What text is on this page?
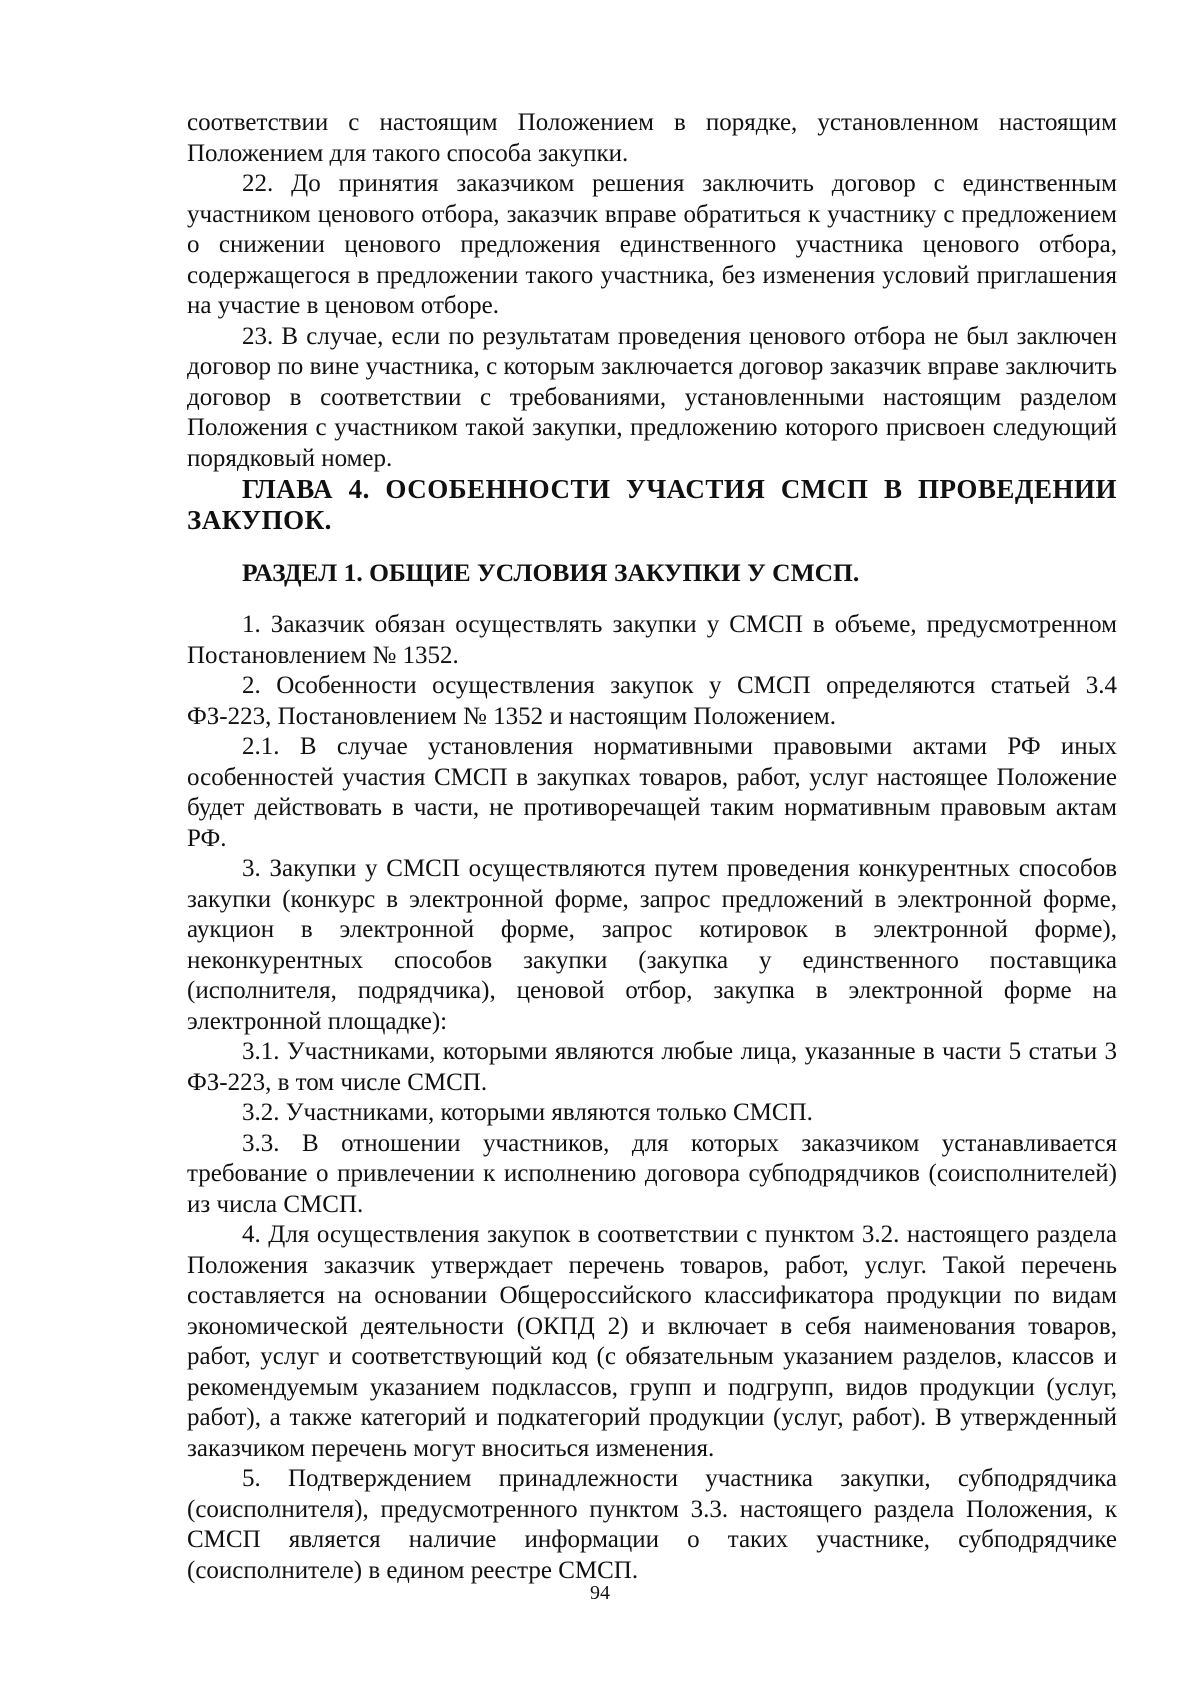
соответствии с настоящим Положением в порядке, установленном настоящим Положением для такого способа закупки.

22. До принятия заказчиком решения заключить договор с единственным участником ценового отбора, заказчик вправе обратиться к участнику с предложением о снижении ценового предложения единственного участника ценового отбора, содержащегося в предложении такого участника, без изменения условий приглашения на участие в ценовом отборе.

23. В случае, если по результатам проведения ценового отбора не был заключен договор по вине участника, с которым заключается договор заказчик вправе заключить договор в соответствии с требованиями, установленными настоящим разделом Положения с участником такой закупки, предложению которого присвоен следующий порядковый номер.

ГЛАВА 4. ОСОБЕННОСТИ УЧАСТИЯ СМСП В ПРОВЕДЕНИИ ЗАКУПОК.
РАЗДЕЛ 1. ОБЩИЕ УСЛОВИЯ ЗАКУПКИ У СМСП.

1. Заказчик обязан осуществлять закупки у СМСП в объеме, предусмотренном Постановлением № 1352.

2. Особенности осуществления закупок у СМСП определяются статьей 3.4 ФЗ-223, Постановлением № 1352 и настоящим Положением.

2.1. В случае установления нормативными правовыми актами РФ иных особенностей участия СМСП в закупках товаров, работ, услуг настоящее Положение будет действовать в части, не противоречащей таким нормативным правовым актам РФ.

3. Закупки у СМСП осуществляются путем проведения конкурентных способов закупки (конкурс в электронной форме, запрос предложений в электронной форме, аукцион в электронной форме, запрос котировок в электронной форме), неконкурентных способов закупки (закупка у единственного поставщика (исполнителя, подрядчика), ценовой отбор, закупка в электронной форме на электронной площадке):

3.1. Участниками, которыми являются любые лица, указанные в части 5 статьи 3 ФЗ-223, в том числе СМСП.

3.2. Участниками, которыми являются только СМСП.

3.3. В отношении участников, для которых заказчиком устанавливается требование о привлечении к исполнению договора субподрядчиков (соисполнителей) из числа СМСП.

4. Для осуществления закупок в соответствии с пунктом 3.2. настоящего раздела Положения заказчик утверждает перечень товаров, работ, услуг. Такой перечень составляется на основании Общероссийского классификатора продукции по видам экономической деятельности (ОКПД 2) и включает в себя наименования товаров, работ, услуг и соответствующий код (с обязательным указанием разделов, классов и рекомендуемым указанием подклассов, групп и подгрупп, видов продукции (услуг, работ), а также категорий и подкатегорий продукции (услуг, работ). В утвержденный заказчиком перечень могут вноситься изменения.

5. Подтверждением принадлежности участника закупки, субподрядчика (соисполнителя), предусмотренного пунктом 3.3. настоящего раздела Положения, к СМСП является наличие информации о таких участнике, субподрядчике (соисполнителе) в едином реестре СМСП.

94
